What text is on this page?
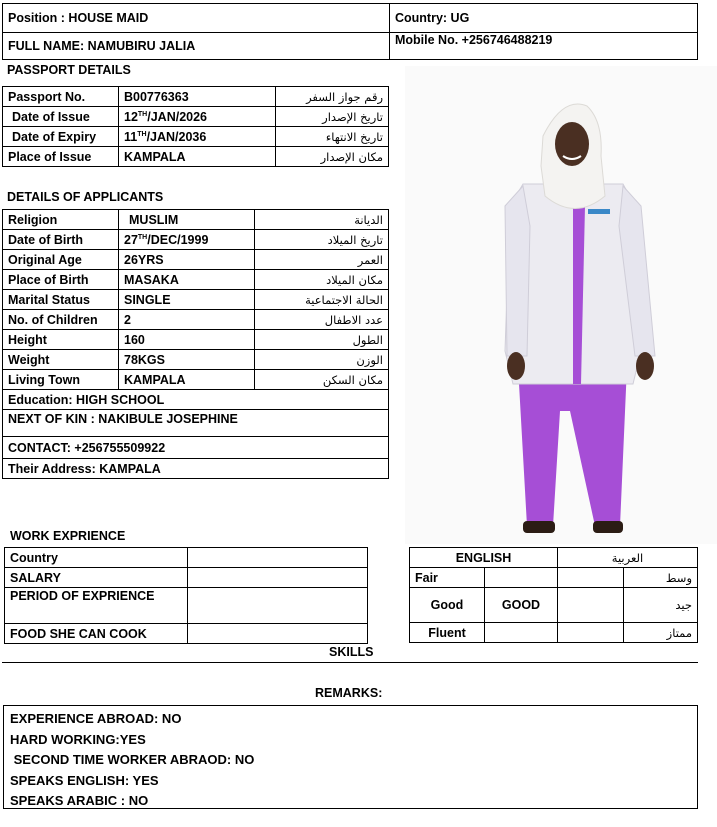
Position : HOUSE MAID	Country: UG
FULL NAME: NAMUBIRU JALIA	Mobile No. +256746488219
PASSPORT DETAILS
Passport No.	B00776363	رقم جواز السفر
Date of Issue	12TH/JAN/2026	تاريخ الإصدار
Date of Expiry	11TH/JAN/2036	تاريخ الانتهاء
Place of Issue	KAMPALA	مكان الإصدار
DETAILS OF APPLICANTS
Religion	MUSLIM	الديانة
Date of Birth	27TH/DEC/1999	تاريخ الميلاد
Original Age	26YRS	العمر
Place of Birth	MASAKA	مكان الميلاد
Marital Status	SINGLE	الحالة الاجتماعية
No. of Children	2	عدد الاطفال
Height	160	الطول
Weight	78KGS	الوزن
Living Town	KAMPALA	مكان السكن
Education: HIGH SCHOOL		
NEXT OF KIN : NAKIBULE JOSEPHINE		
CONTACT: +256755509922		
Their Address: KAMPALA		
WORK EXPRIENCE
Country	
SALARY	
PERIOD OF EXPRIENCE	
FOOD SHE CAN COOK	
ENGLISH		العربية	
Fair			وسط
Good	GOOD		جيد
Fluent			ممتاز
SKILLS
REMARKS:
EXPERIENCE ABROAD: NO
HARD WORKING:YES
SECOND TIME WORKER ABRAOD: NO
SPEAKS ENGLISH: YES
SPEAKS ARABIC : NO
